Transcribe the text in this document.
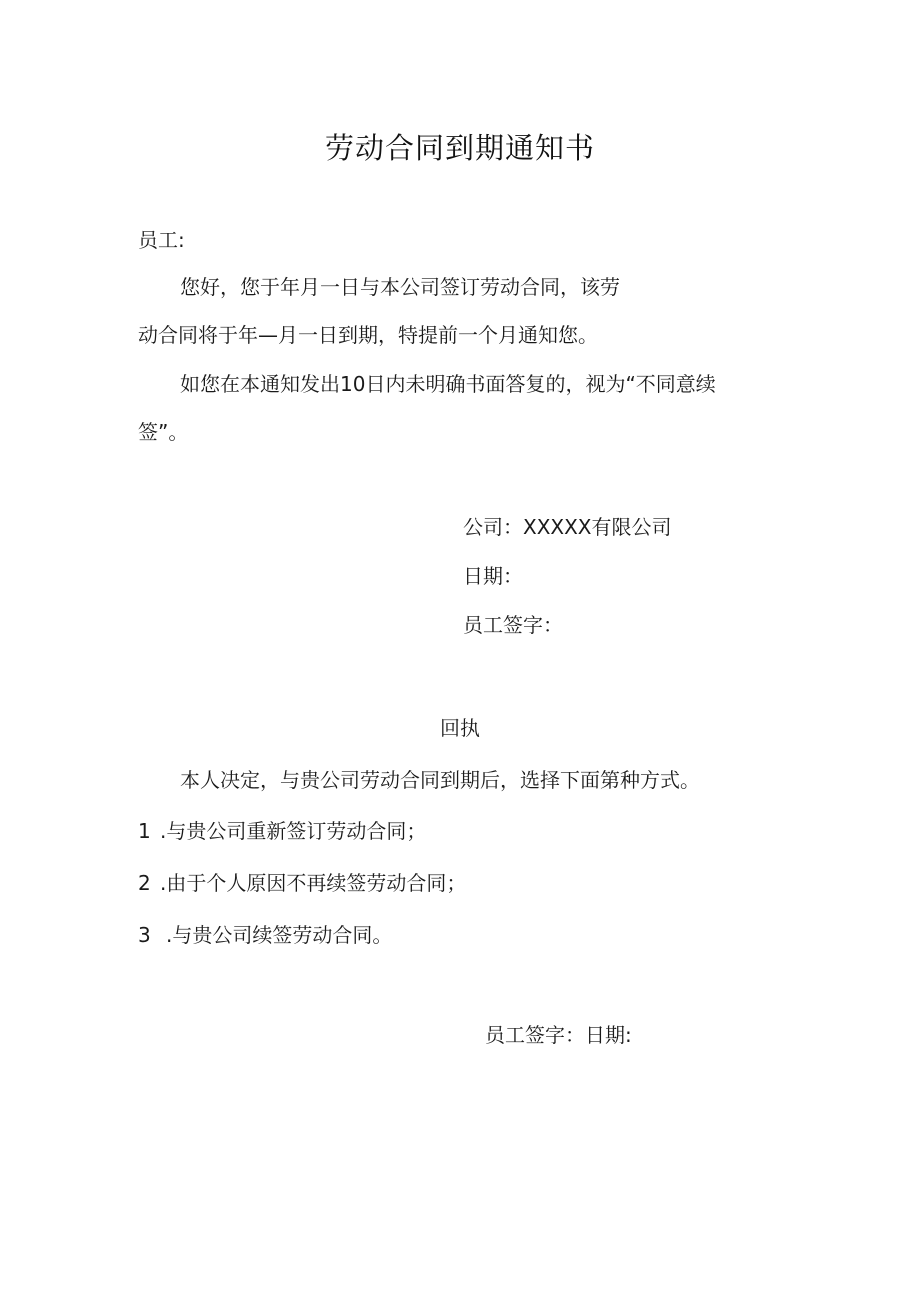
劳动合同到期通知书
员工:
您好，您于年月一日与本公司签订劳动合同，该劳
动合同将于年—月一日到期，特提前一个月通知您。
如您在本通知发出10日内未明确书面答复的，视为“不同意续
签”。
公司：XXXXX有限公司
日期：
员工签字：
回执
本人决定，与贵公司劳动合同到期后，选择下面第种方式。
1 .与贵公司重新签订劳动合同；
2 .由于个人原因不再续签劳动合同；
3 .与贵公司续签劳动合同。
员工签字：日期:
